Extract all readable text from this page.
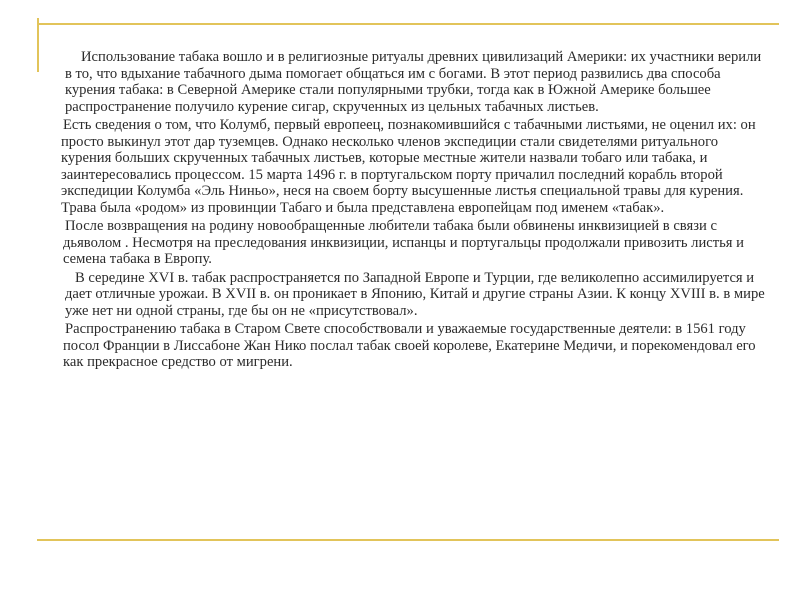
Использование табака вошло и в религиозные ритуалы древних цивилизаций Америки: их участники верили в то, что вдыхание табачного дыма помогает общаться им с богами. В этот период развились два способа курения табака: в Северной Америке стали популярными трубки, тогда как в Южной Америке большее распространение получило курение сигар, скрученных из цельных табачных листьев.

Есть сведения о том, что Колумб, первый европеец, познакомившийся с табачными листьями, не оценил их: он просто выкинул этот дар туземцев. Однако несколько членов экспедиции стали свидетелями ритуального курения больших скрученных табачных листьев, которые местные жители назвали тобаго или табака, и заинтересовались процессом. 15 марта 1496 г. в португальском порту причалил последний корабль второй экспедиции Колумба «Эль Ниньо», неся на своем борту высушенные листья специальной травы для курения. Трава была «родом» из провинции Табаго и была представлена европейцам под именем «табак».

После возвращения на родину новообращенные любители табака были обвинены инквизицией в связи с дьяволом . Несмотря на преследования инквизиции, испанцы и португальцы продолжали привозить листья и семена табака в Европу.

В середине XVI в. табак распространяется по Западной Европе и Турции, где великолепно ассимилируется и дает отличные урожаи. В XVII в. он проникает в Японию, Китай и другие страны Азии. К концу XVIII в. в мире уже нет ни одной страны, где бы он не «присутствовал».

Распространению табака в Старом Свете способствовали и уважаемые государственные деятели: в 1561 году посол Франции в Лиссабоне Жан Нико послал табак своей королеве, Екатерине Медичи, и порекомендовал его как прекрасное средство от мигрени.
